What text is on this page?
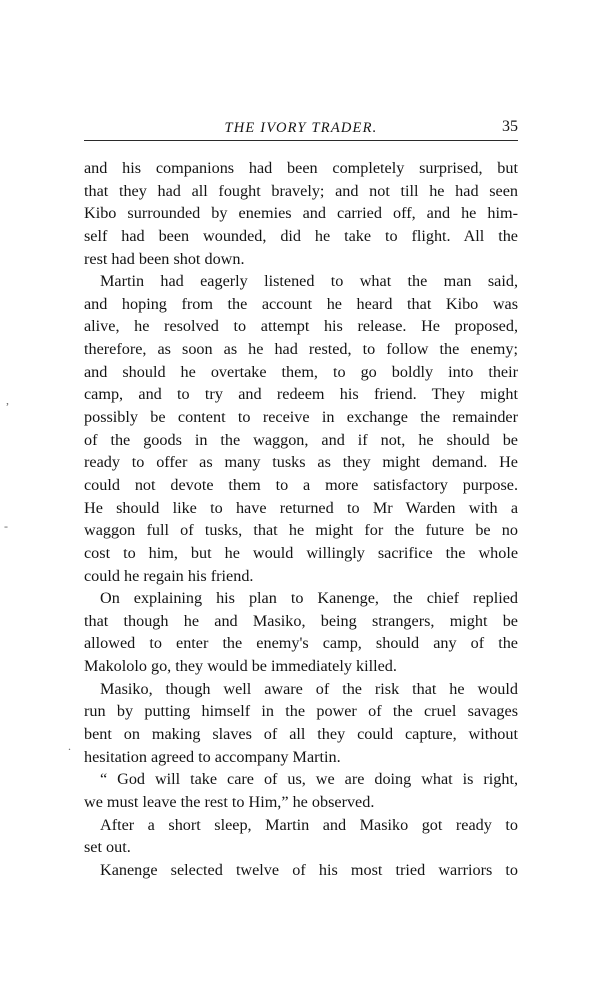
,
-
.
THE IVORY TRADER.	35
and his companions had been completely surprised, but
that they had all fought bravely; and not till he had seen
Kibo surrounded by enemies and carried off, and he him-
self had been wounded, did he take to flight. All the
rest had been shot down.
Martin had eagerly listened to what the man said,
and hoping from the account he heard that Kibo was
alive, he resolved to attempt his release. He proposed,
therefore, as soon as he had rested, to follow the enemy;
and should he overtake them, to go boldly into their
camp, and to try and redeem his friend. They might
possibly be content to receive in exchange the remainder
of the goods in the waggon, and if not, he should be
ready to offer as many tusks as they might demand. He
could not devote them to a more satisfactory purpose.
He should like to have returned to Mr Warden with a
waggon full of tusks, that he might for the future be no
cost to him, but he would willingly sacrifice the whole
could he regain his friend.
On explaining his plan to Kanenge, the chief replied
that though he and Masiko, being strangers, might be
allowed to enter the enemy's camp, should any of the
Makololo go, they would be immediately killed.
Masiko, though well aware of the risk that he would
run by putting himself in the power of the cruel savages
bent on making slaves of all they could capture, without
hesitation agreed to accompany Martin.
“ God will take care of us, we are doing what is right,
we must leave the rest to Him,” he observed.
After a short sleep, Martin and Masiko got ready to
set out.
Kanenge selected twelve of his most tried warriors to
